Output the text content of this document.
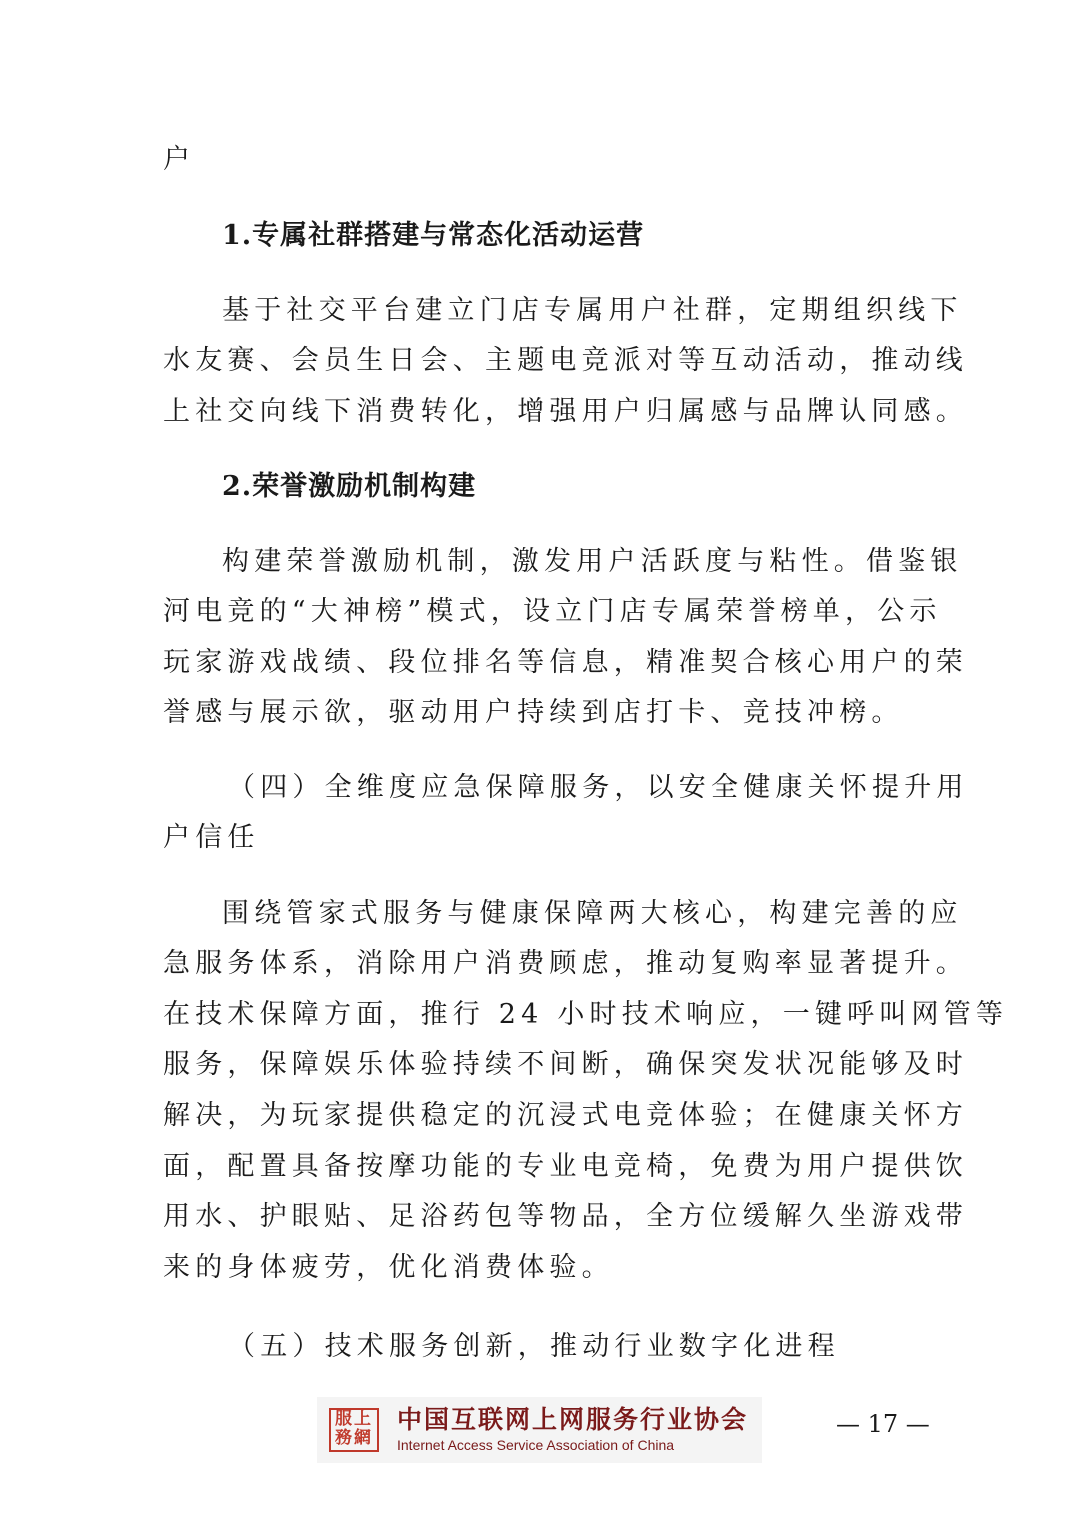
户

1.专属社群搭建与常态化活动运营

基于社交平台建立门店专属用户社群，定期组织线下

水友赛、会员生日会、主题电竞派对等互动活动，推动线

上社交向线下消费转化，增强用户归属感与品牌认同感。

2.荣誉激励机制构建

构建荣誉激励机制，激发用户活跃度与粘性。借鉴银

河电竞的“大神榜”模式，设立门店专属荣誉榜单，公示

玩家游戏战绩、段位排名等信息，精准契合核心用户的荣

誉感与展示欲，驱动用户持续到店打卡、竞技冲榜。

（四）全维度应急保障服务，以安全健康关怀提升用

户信任

围绕管家式服务与健康保障两大核心，构建完善的应

急服务体系，消除用户消费顾虑，推动复购率显著提升。

在技术保障方面，推行 24 小时技术响应，一键呼叫网管等

服务，保障娱乐体验持续不间断，确保突发状况能够及时

解决，为玩家提供稳定的沉浸式电竞体验；在健康关怀方

面，配置具备按摩功能的专业电竞椅，免费为用户提供饮

用水、护眼贴、足浴药包等物品，全方位缓解久坐游戏带

来的身体疲劳，优化消费体验。

（五）技术服务创新，推动行业数字化进程

服上
務網
中国互联网上网服务行业协会
Internet Access Service Association of China
— 17 —
